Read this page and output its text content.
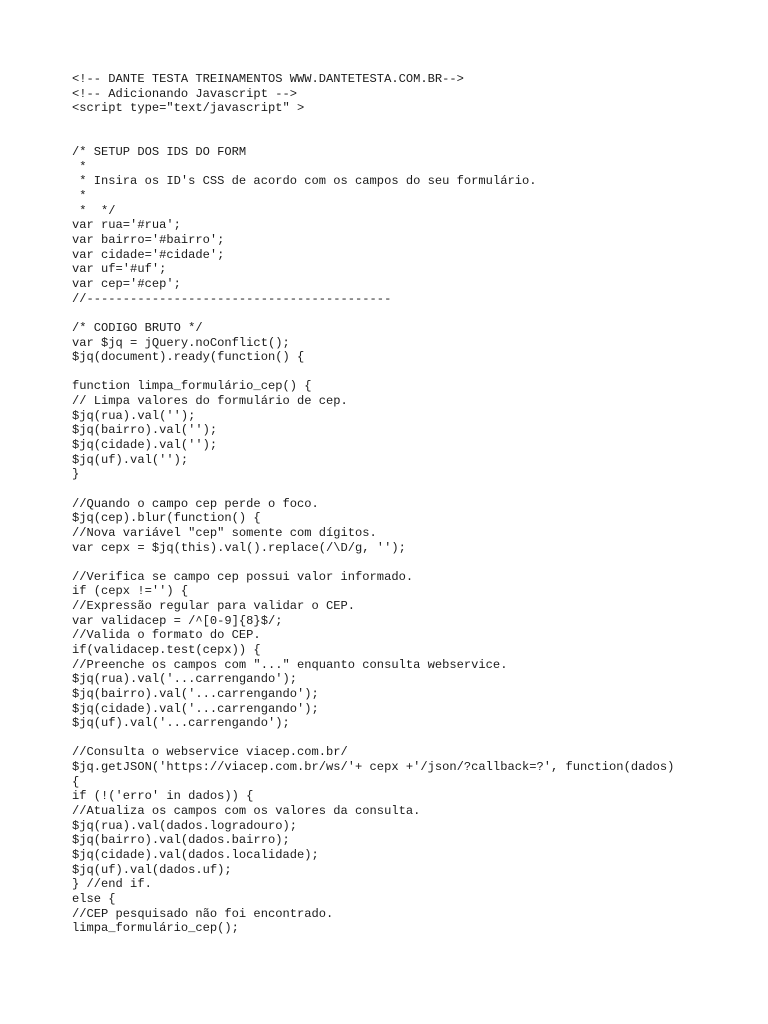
<!-- DANTE TESTA TREINAMENTOS WWW.DANTETESTA.COM.BR-->
<!-- Adicionando Javascript -->
<script type="text/javascript" >
/* SETUP DOS IDS DO FORM
*
* Insira os ID's CSS de acordo com os campos do seu formulário.
*
*  */
var rua='#rua';
var bairro='#bairro';
var cidade='#cidade';
var uf='#uf';
var cep='#cep';
//------------------------------------------
/* CODIGO BRUTO */
var $jq = jQuery.noConflict();
$jq(document).ready(function() {
function limpa_formulário_cep() {
// Limpa valores do formulário de cep.
$jq(rua).val('');
$jq(bairro).val('');
$jq(cidade).val('');
$jq(uf).val('');
}
//Quando o campo cep perde o foco.
$jq(cep).blur(function() {
//Nova variável "cep" somente com dígitos.
var cepx = $jq(this).val().replace(/\D/g, '');
//Verifica se campo cep possui valor informado.
if (cepx !='') {
//Expressão regular para validar o CEP.
var validacep = /^[0-9]{8}$/;
//Valida o formato do CEP.
if(validacep.test(cepx)) {
//Preenche os campos com "..." enquanto consulta webservice.
$jq(rua).val('...carrengando');
$jq(bairro).val('...carrengando');
$jq(cidade).val('...carrengando');
$jq(uf).val('...carrengando');
//Consulta o webservice viacep.com.br/
$jq.getJSON('https://viacep.com.br/ws/'+ cepx +'/json/?callback=?', function(dados)
{
if (!('erro' in dados)) {
//Atualiza os campos com os valores da consulta.
$jq(rua).val(dados.logradouro);
$jq(bairro).val(dados.bairro);
$jq(cidade).val(dados.localidade);
$jq(uf).val(dados.uf);
} //end if.
else {
//CEP pesquisado não foi encontrado.
limpa_formulário_cep();
